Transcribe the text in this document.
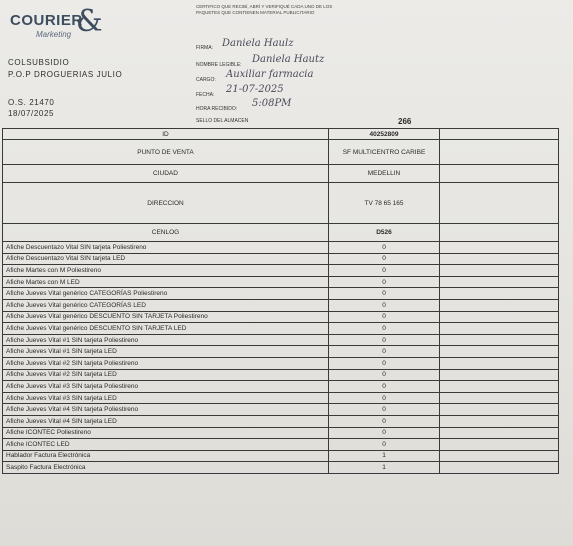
COURIER
Marketing &
COLSUBSIDIO
P.O.P DROGUERIAS JULIO
O.S. 21470
18/07/2025
CERTIFICO QUE RECIBÍ, ABRÍ Y VERIFIQUÉ CADA UNO DE LOS PAQUETES QUE CONTIENEN MATERIAL PUBLICITARIO
FIRMA: Daniela Haulz
NOMBRE LEGIBLE: Daniela Hautz
CARGO: Auxiliar farmacia
FECHA: 21-07-2025
HORA RECIBIDO: 5:08PM
SELLO DEL ALMACEN	266
ID	40252809	
PUNTO DE VENTA	SF MULTICENTRO CARIBE	
CIUDAD	MEDELLIN	
DIRECCION	TV 78 65 165	
CENLOG	D526	
Afiche Descuentazo Vital SIN tarjeta Poliestireno	0	
Afiche Descuentazo Vital SIN tarjeta LED	0	
Afiche Martes con M Poliestireno	0	
Afiche Martes con M LED	0	
Afiche Jueves Vital genérico CATEGORÍAS Poliestireno	0	
Afiche Jueves Vital genérico CATEGORÍAS LED	0	
Afiche Jueves Vital genérico DESCUENTO SIN TARJETA Poliestireno	0	
Afiche Jueves Vital genérico DESCUENTO SIN TARJETA LED	0	
Afiche Jueves Vital #1 SIN tarjeta Poliestireno	0	
Afiche Jueves Vital #1 SIN tarjeta LED	0	
Afiche Jueves Vital #2 SIN tarjeta Poliestireno	0	
Afiche Jueves Vital #2 SIN tarjeta LED	0	
Afiche Jueves Vital #3 SIN tarjeta Poliestireno	0	
Afiche Jueves Vital #3 SIN tarjeta LED	0	
Afiche Jueves Vital #4 SIN tarjeta Poliestireno	0	
Afiche Jueves Vital #4 SIN tarjeta LED	0	
Afiche ICONTEC Poliestireno	0	
Afiche ICONTEC LED	0	
Hablador Factura Electrónica	1	
Saspito Factura Electrónica	1	
